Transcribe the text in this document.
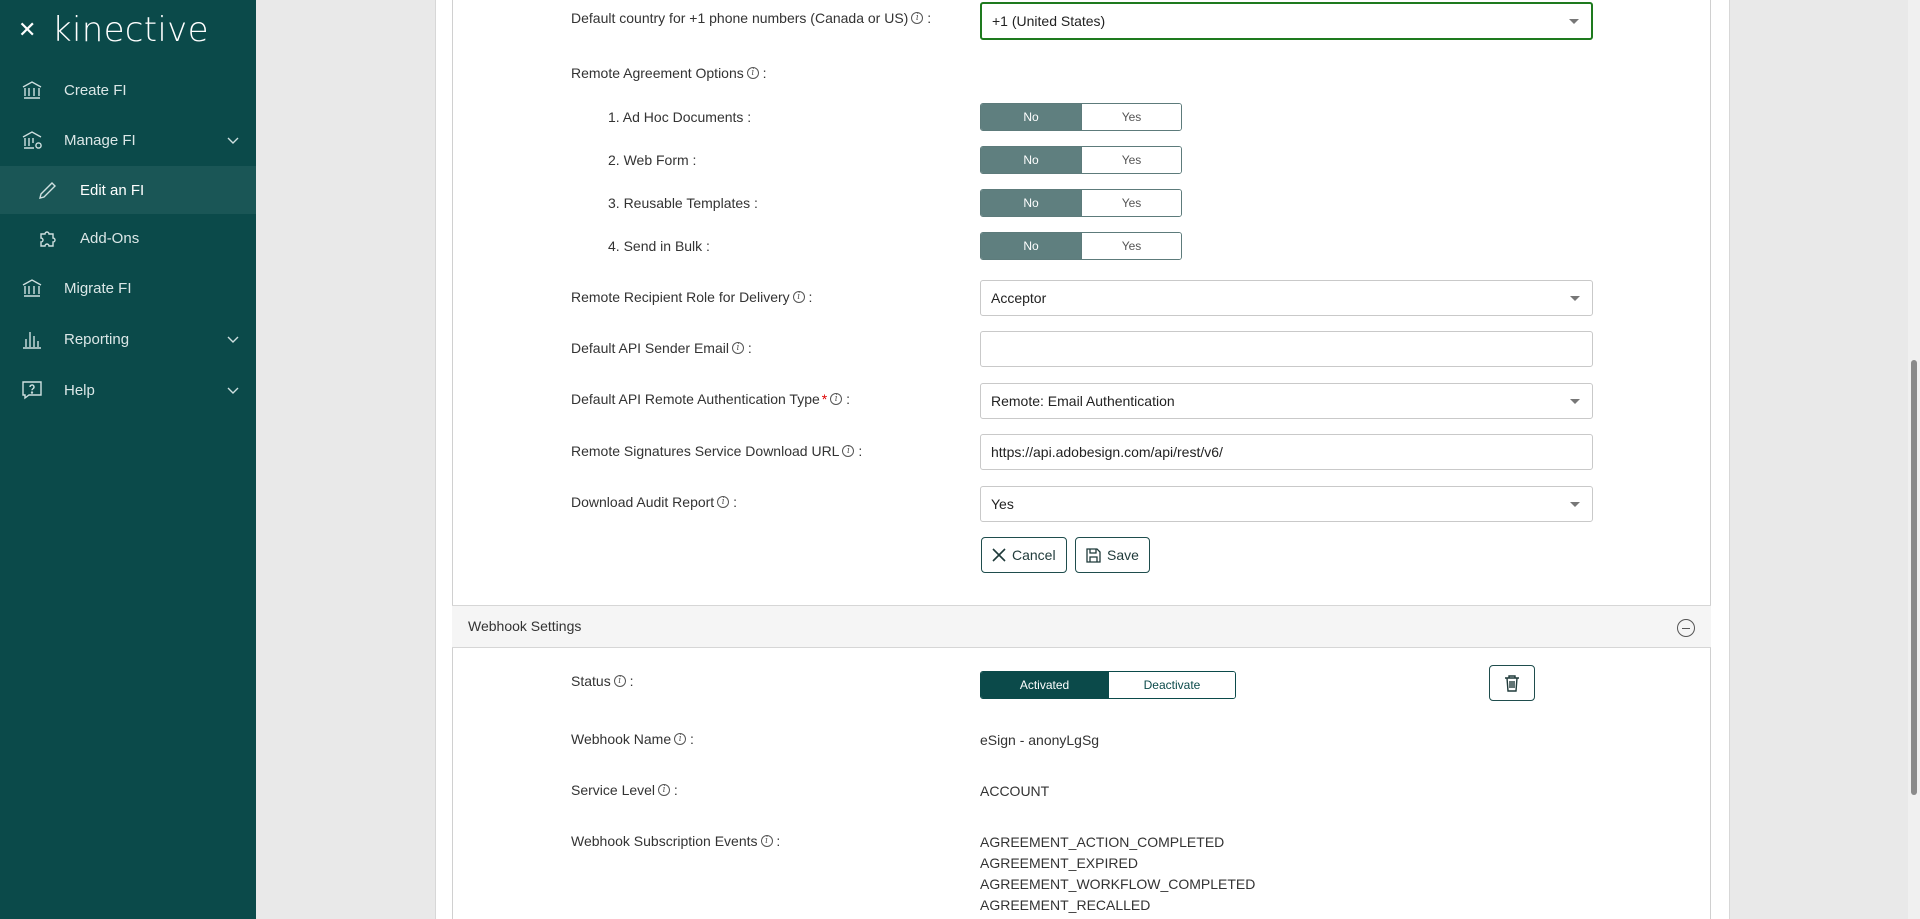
✕ kinective
Create FI
Manage FI
Edit an FI
Add-Ons
Migrate FI
Reporting
Help
Default country for +1 phone numbers (Canada or US) i :	+1 (United States)
Remote Agreement Options i :
1. Ad Hoc Documents :	No	Yes
2. Web Form :	No	Yes
3. Reusable Templates :	No	Yes
4. Send in Bulk :	No	Yes
Remote Recipient Role for Delivery i :	Acceptor
Default API Sender Email i :
Default API Remote Authentication Type * i :	Remote: Email Authentication
Remote Signatures Service Download URL i :
https://api.adobesign.com/api/rest/v6/
Download Audit Report i :	Yes
Cancel	Save
Webhook Settings
Status i :	Activated	Deactivate
Webhook Name i :	eSign - anonyLgSg
Service Level i :	ACCOUNT
Webhook Subscription Events i :	AGREEMENT_ACTION_COMPLETED
AGREEMENT_EXPIRED
AGREEMENT_WORKFLOW_COMPLETED
AGREEMENT_RECALLED
